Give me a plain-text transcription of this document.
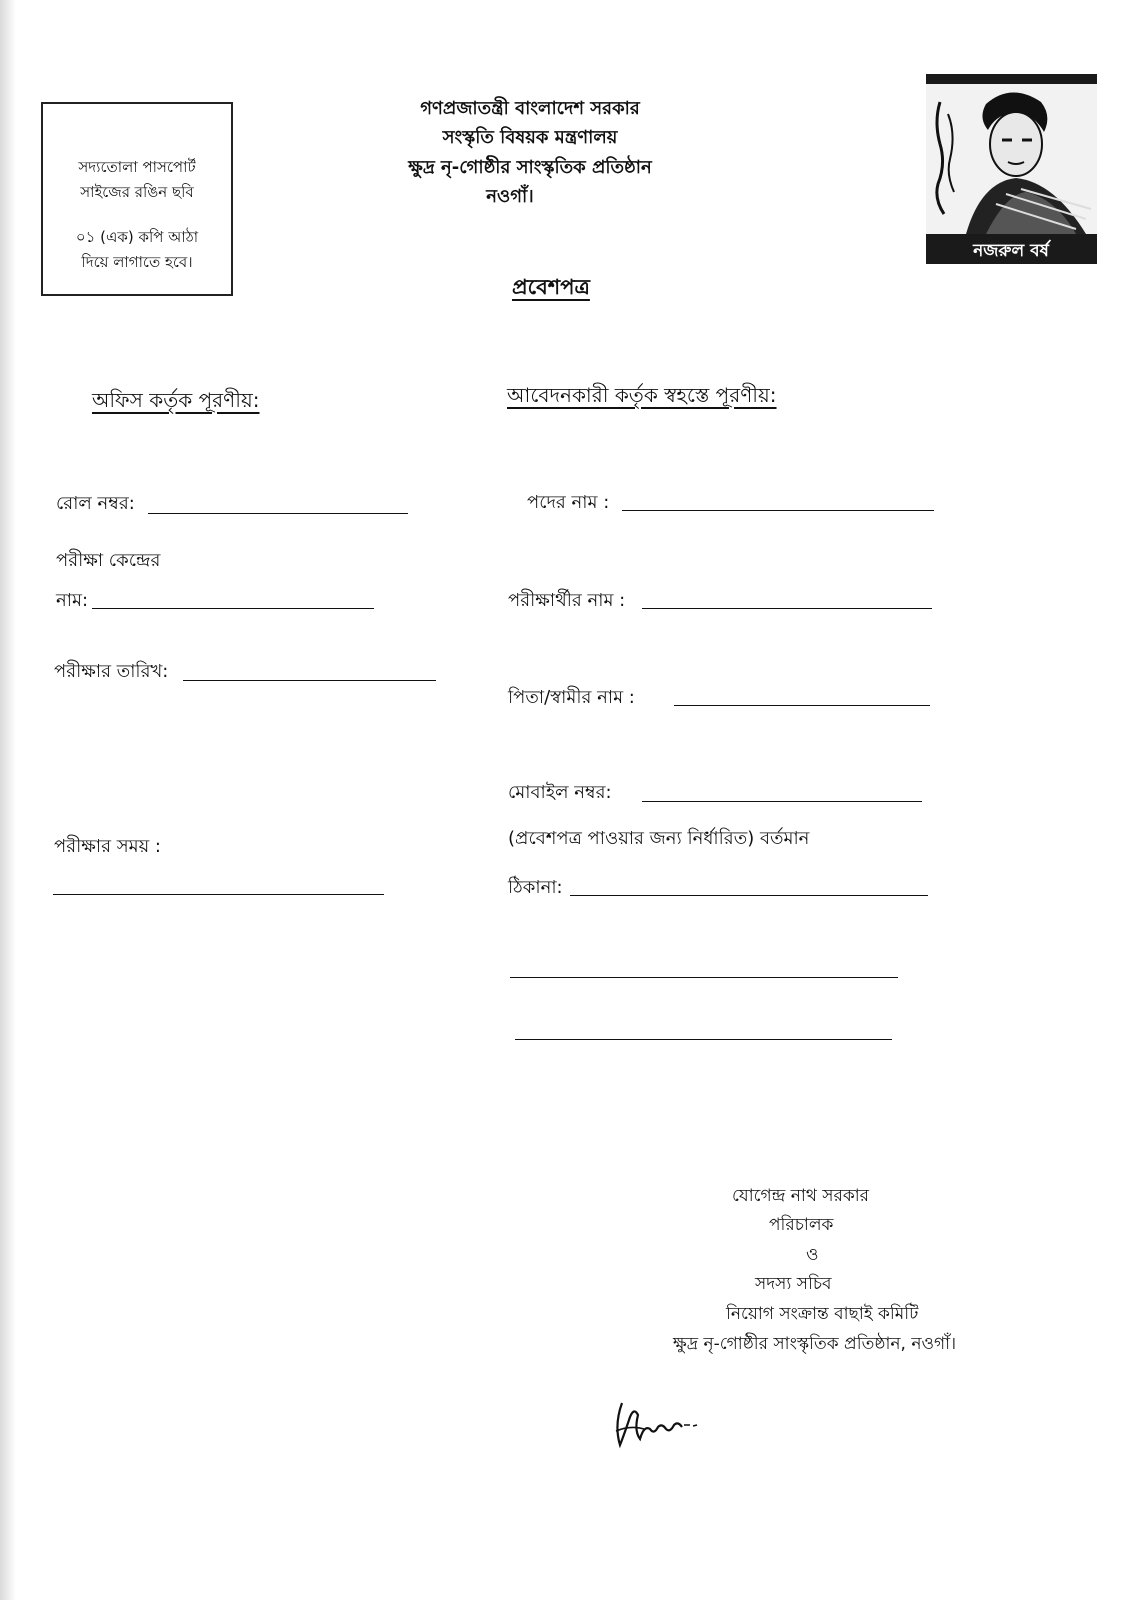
সদ্যতোলা পাসপোর্ট
সাইজের রঙিন ছবি
০১ (এক) কপি আঠা
দিয়ে লাগাতে হবে।
গণপ্রজাতন্ত্রী বাংলাদেশ সরকার
সংস্কৃতি বিষয়ক মন্ত্রণালয়
ক্ষুদ্র নৃ-গোষ্ঠীর সাংস্কৃতিক প্রতিষ্ঠান
নওগাঁ।
নজরুল বর্ষ
প্রবেশপত্র
অফিস কর্তৃক পূরণীয়:	আবেদনকারী কর্তৃক স্বহস্তে পূরণীয়:
রোল নম্বর:
পরীক্ষা কেন্দ্রের
নাম:
পরীক্ষার তারিখ:
পরীক্ষার সময় :
পদের নাম :
পরীক্ষার্থীর নাম :
পিতা/স্বামীর নাম :
মোবাইল নম্বর:
(প্রবেশপত্র পাওয়ার জন্য নির্ধারিত) বর্তমান
ঠিকানা:
যোগেন্দ্র নাথ সরকার
পরিচালক
ও
সদস্য সচিব
নিয়োগ সংক্রান্ত বাছাই কমিটি
ক্ষুদ্র নৃ-গোষ্ঠীর সাংস্কৃতিক প্রতিষ্ঠান, নওগাঁ।
